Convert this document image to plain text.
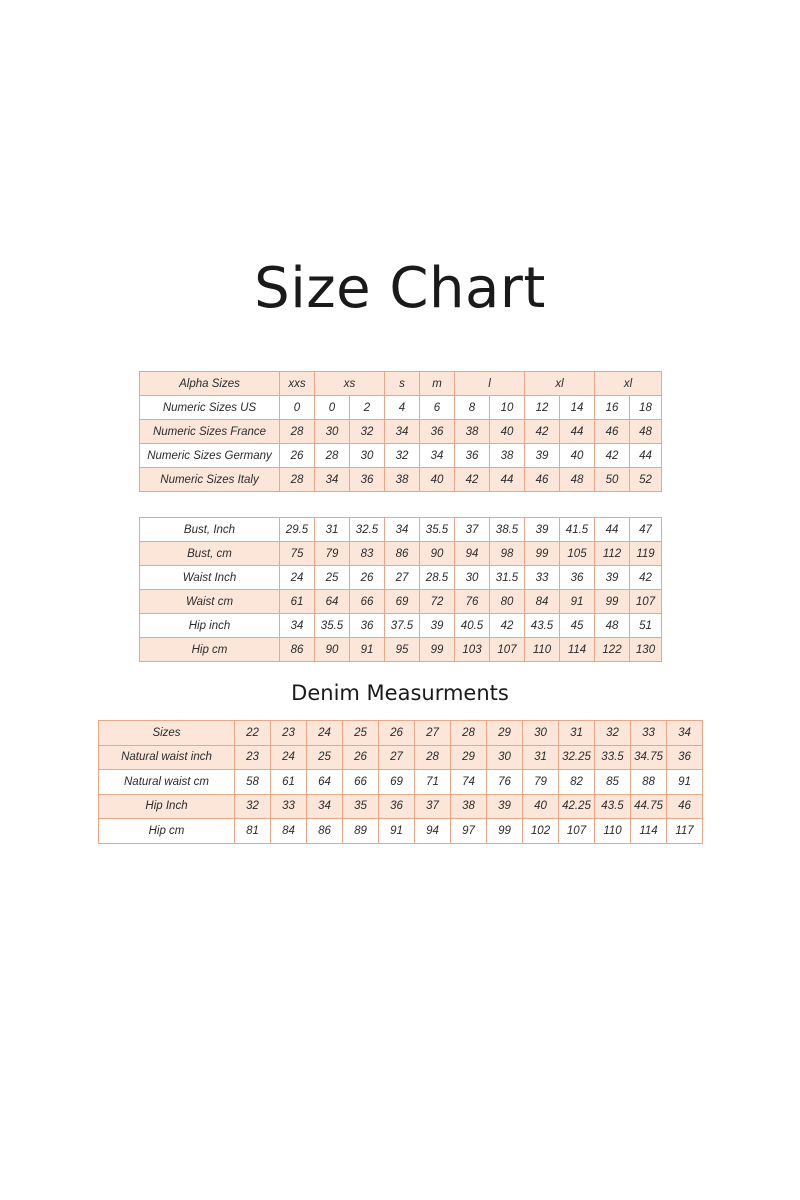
Size Chart
Alpha Sizes	xxs	xs		s	m	l		xl		xl	
Numeric Sizes US	0	0	2	4	6	8	10	12	14	16	18
Numeric Sizes France	28	30	32	34	36	38	40	42	44	46	48
Numeric Sizes Germany	26	28	30	32	34	36	38	39	40	42	44
Numeric Sizes Italy	28	34	36	38	40	42	44	46	48	50	52
Bust, Inch	29.5	31	32.5	34	35.5	37	38.5	39	41.5	44	47
Bust, cm	75	79	83	86	90	94	98	99	105	112	119
Waist Inch	24	25	26	27	28.5	30	31.5	33	36	39	42
Waist cm	61	64	66	69	72	76	80	84	91	99	107
Hip inch	34	35.5	36	37.5	39	40.5	42	43.5	45	48	51
Hip cm	86	90	91	95	99	103	107	110	114	122	130
Denim Measurments
Sizes	22	23	24	25	26	27	28	29	30	31	32	33	34
Natural waist inch	23	24	25	26	27	28	29	30	31	32.25	33.5	34.75	36
Natural waist cm	58	61	64	66	69	71	74	76	79	82	85	88	91
Hip Inch	32	33	34	35	36	37	38	39	40	42.25	43.5	44.75	46
Hip cm	81	84	86	89	91	94	97	99	102	107	110	114	117
